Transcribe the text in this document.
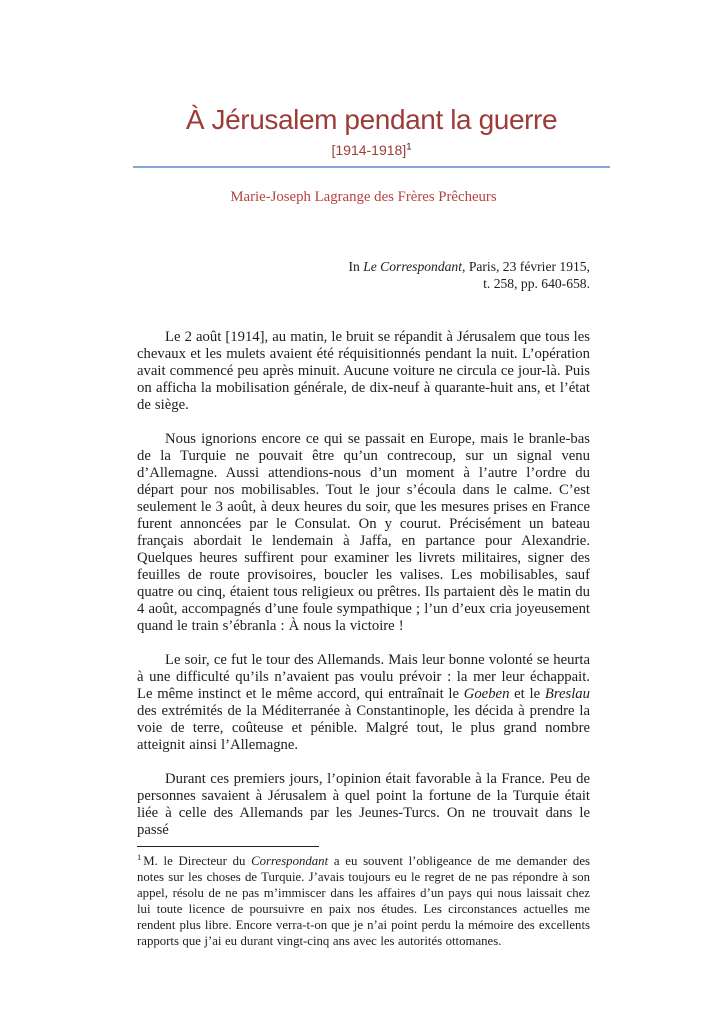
À Jérusalem pendant la guerre
[1914-1918]$^1$
Marie-Joseph Lagrange des Frères Prêcheurs
In Le Correspondant, Paris, 23 février 1915,
t. 258, pp. 640-658.

Le 2 août [1914], au matin, le bruit se répandit à Jérusalem que tous les chevaux et les mulets avaient été réquisitionnés pendant la nuit. L’opération avait commencé peu après minuit. Aucune voiture ne circula ce jour-là. Puis on afficha la mobilisation générale, de dix-neuf à quarante-huit ans, et l’état de siège.

Nous ignorions encore ce qui se passait en Europe, mais le branle-bas de la Turquie ne pouvait être qu’un contrecoup, sur un signal venu d’Allemagne. Aussi attendions-nous d’un moment à l’autre l’ordre du départ pour nos mobilisables. Tout le jour s’écoula dans le calme. C’est seulement le 3 août, à deux heures du soir, que les mesures prises en France furent annoncées par le Consulat. On y courut. Précisément un bateau français abordait le lendemain à Jaffa, en partance pour Alexandrie. Quelques heures suffirent pour examiner les livrets militaires, signer des feuilles de route provisoires, boucler les valises. Les mobilisables, sauf quatre ou cinq, étaient tous religieux ou prêtres. Ils partaient dès le matin du 4 août, accompagnés d’une foule sympathique ; l’un d’eux cria joyeusement quand le train s’ébranla : À nous la victoire !

Le soir, ce fut le tour des Allemands. Mais leur bonne volonté se heurta à une difficulté qu’ils n’avaient pas voulu prévoir : la mer leur échappait. Le même instinct et le même accord, qui entraînait le Goeben et le Breslau des extrémités de la Méditerranée à Constantinople, les décida à prendre la voie de terre, coûteuse et pénible. Malgré tout, le plus grand nombre atteignit ainsi l’Allemagne.

Durant ces premiers jours, l’opinion était favorable à la France. Peu de personnes savaient à Jérusalem à quel point la fortune de la Turquie était liée à celle des Allemands par les Jeunes-Turcs. On ne trouvait dans le passé

$^1$ M. le Directeur du Correspondant a eu souvent l’obligeance de me demander des notes sur les choses de Turquie. J’avais toujours eu le regret de ne pas répondre à son appel, résolu de ne pas m’immiscer dans les affaires d’un pays qui nous laissait chez lui toute licence de poursuivre en paix nos études. Les circonstances actuelles me rendent plus libre. Encore verra-t-on que je n’ai point perdu la mémoire des excellents rapports que j’ai eu durant vingt-cinq ans avec les autorités ottomanes.
